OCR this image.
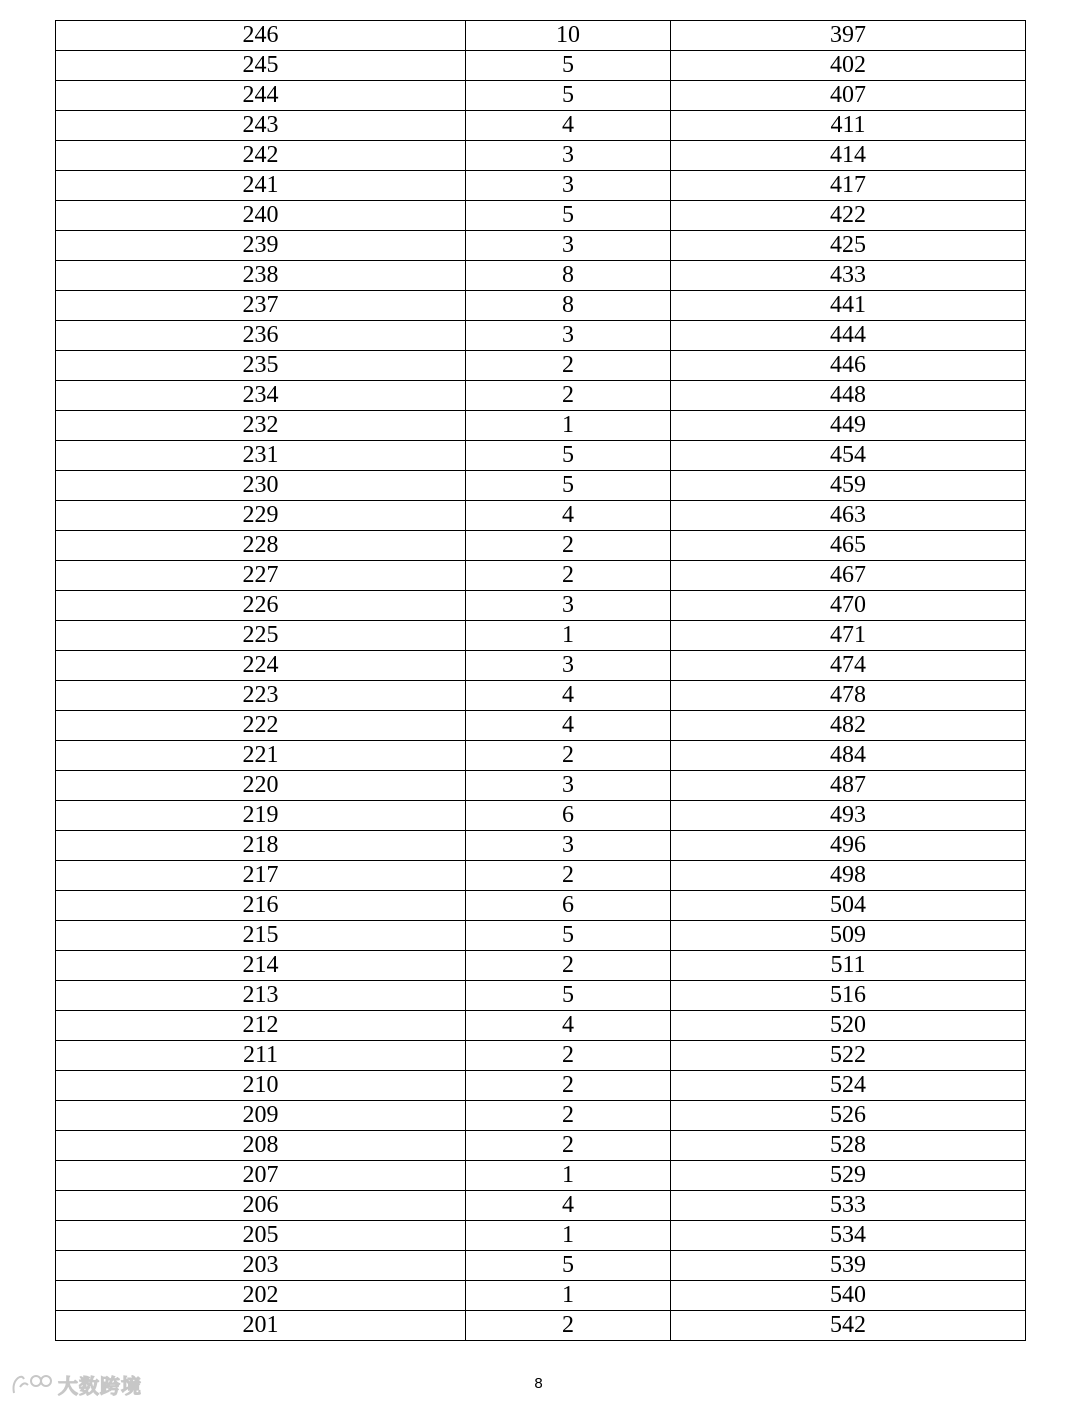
246	10	397
245	5	402
244	5	407
243	4	411
242	3	414
241	3	417
240	5	422
239	3	425
238	8	433
237	8	441
236	3	444
235	2	446
234	2	448
232	1	449
231	5	454
230	5	459
229	4	463
228	2	465
227	2	467
226	3	470
225	1	471
224	3	474
223	4	478
222	4	482
221	2	484
220	3	487
219	6	493
218	3	496
217	2	498
216	6	504
215	5	509
214	2	511
213	5	516
212	4	520
211	2	522
210	2	524
209	2	526
208	2	528
207	1	529
206	4	533
205	1	534
203	5	539
202	1	540
201	2	542
大数跨境	8
